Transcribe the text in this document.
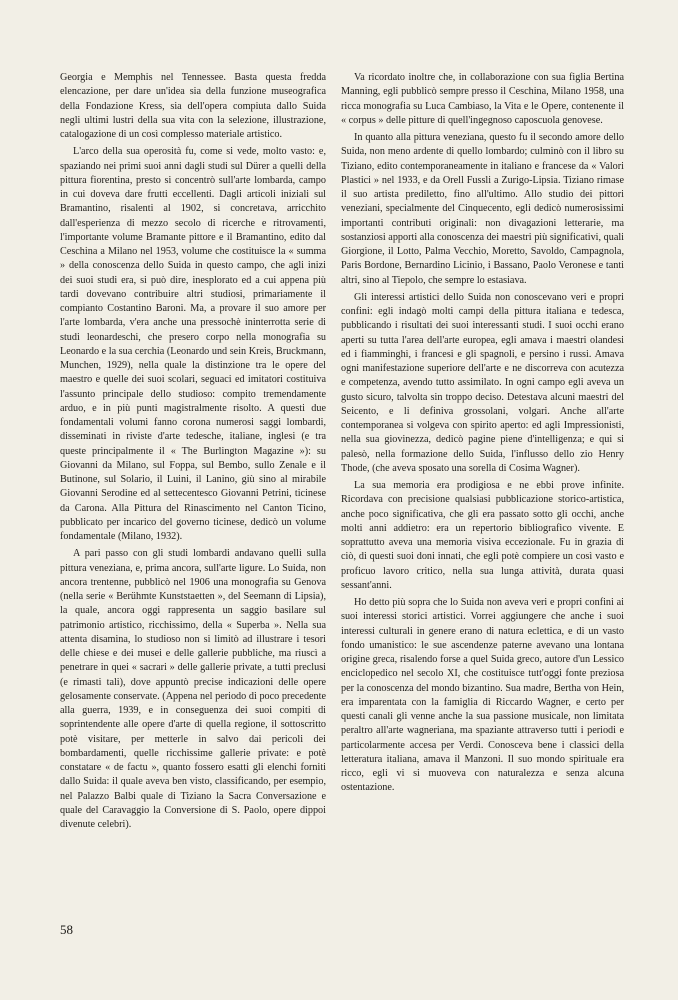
Georgia e Memphis nel Tennessee. Basta questa fredda elencazione, per dare un'idea sia della funzione museografica della Fondazione Kress, sia dell'opera compiuta dallo Suida negli ultimi lustri della sua vita con la selezione, illustrazione, catalogazione di un così complesso materiale artistico.

L'arco della sua operosità fu, come si vede, molto vasto: e, spaziando nei primi suoi anni dagli studi sul Dürer a quelli della pittura fiorentina, presto si concentrò sull'arte lombarda, campo in cui doveva dare frutti eccellenti. Dagli articoli iniziali sul Bramantino, risalenti al 1902, si concretava, arricchito dall'esperienza di mezzo secolo di ricerche e ritrovamenti, l'importante volume Bramante pittore e il Bramantino, edito dal Ceschina a Milano nel 1953, volume che costituisce la « summa » della conoscenza dello Suida in questo campo, che agli inizi dei suoi studi era, si può dire, inesplorato ed a cui appena più tardi dovevano contribuire altri studiosi, primariamente il compianto Costantino Baroni. Ma, a provare il suo amore per l'arte lombarda, v'era anche una pressochè ininterrotta serie di studi leonardeschi, che presero corpo nella monografia su Leonardo e la sua cerchia (Leonardo und sein Kreis, Bruckmann, Munchen, 1929), nella quale la distinzione tra le opere del maestro e quelle dei suoi scolari, seguaci ed imitatori costituiva l'assunto principale dello studioso: compito tremendamente arduo, e in più punti magistralmente risolto. A questi due fondamentali volumi fanno corona numerosi saggi lombardi, disseminati in riviste d'arte tedesche, italiane, inglesi (e tra queste principalmente il « The Burlington Magazine »): su Giovanni da Milano, sul Foppa, sul Bembo, sullo Zenale e il Butinone, sul Solario, il Luini, il Lanino, giù sino al mirabile Giovanni Serodine ed al settecentesco Giovanni Petrini, ticinese da Carona. Alla Pittura del Rinascimento nel Canton Ticino, pubblicato per incarico del governo ticinese, dedicò un volume fondamentale (Milano, 1932).

A pari passo con gli studi lombardi andavano quelli sulla pittura veneziana, e, prima ancora, sull'arte ligure. Lo Suida, non ancora trentenne, pubblicò nel 1906 una monografia su Genova (nella serie « Berühmte Kunststaetten », del Seemann di Lipsia), la quale, ancora oggi rappresenta un saggio basilare sul patrimonio artistico, ricchissimo, della « Superba ». Nella sua attenta disamina, lo studioso non si limitò ad illustrare i tesori delle chiese e dei musei e delle gallerie pubbliche, ma riuscì a penetrare in quei « sacrari » delle gallerie private, a tutti preclusi (e rimasti tali), dove appuntò precise indicazioni delle opere gelosamente conservate. (Appena nel periodo di poco precedente alla guerra, 1939, e in conseguenza dei suoi compiti di soprintendente alle opere d'arte di quella regione, il sottoscritto potè visitare, per metterle in salvo dai pericoli dei bombardamenti, quelle ricchissime gallerie private: e potè constatare « de factu », quanto fossero esatti gli elenchi forniti dallo Suida: il quale aveva ben visto, classificando, per esempio, nel Palazzo Balbi quale di Tiziano la Sacra Conversazione e quale del Caravaggio la Conversione di S. Paolo, opere dippoi divenute celebri).

Va ricordato inoltre che, in collaborazione con sua figlia Bertina Manning, egli pubblicò sempre presso il Ceschina, Milano 1958, una ricca monografia su Luca Cambiaso, la Vita e le Opere, contenente il « corpus » delle pitture di quell'ingegnoso caposcuola genovese.

In quanto alla pittura veneziana, questo fu il secondo amore dello Suida, non meno ardente di quello lombardo; culminò con il libro su Tiziano, edito contemporaneamente in italiano e francese da « Valori Plastici » nel 1933, e da Orell Fussli a Zurigo-Lipsia. Tiziano rimase il suo artista prediletto, fino all'ultimo. Allo studio dei pittori veneziani, specialmente del Cinquecento, egli dedicò numerosissimi importanti contributi originali: non divagazioni letterarie, ma sostanziosi apporti alla conoscenza dei maestri più significativi, quali Giorgione, il Lotto, Palma Vecchio, Moretto, Savoldo, Campagnola, Paris Bordone, Bernardino Licinio, i Bassano, Paolo Veronese e tanti altri, sino al Tiepolo, che sempre lo estasiava.

Gli interessi artistici dello Suida non conoscevano veri e propri confini: egli indagò molti campi della pittura italiana e tedesca, pubblicando i risultati dei suoi interessanti studi. I suoi occhi erano aperti su tutta l'area dell'arte europea, egli amava i maestri olandesi ed i fiamminghi, i francesi e gli spagnoli, e persino i russi. Amava ogni manifestazione superiore dell'arte e ne discorreva con acutezza e competenza, avendo tutto assimilato. In ogni campo egli aveva un gusto sicuro, talvolta sin troppo deciso. Detestava alcuni maestri del Seicento, e li definiva grossolani, volgari. Anche all'arte contemporanea si volgeva con spirito aperto: ed agli Impressionisti, nella sua giovinezza, dedicò pagine piene d'intelligenza; e qui si palesò, nella formazione dello Suida, l'influsso dello zio Henry Thode, (che aveva sposato una sorella di Cosima Wagner).

La sua memoria era prodigiosa e ne ebbi prove infinite. Ricordava con precisione qualsiasi pubblicazione storico-artistica, anche poco significativa, che gli era passato sotto gli occhi, anche molti anni addietro: era un repertorio bibliografico vivente. E soprattutto aveva una memoria visiva eccezionale. Fu in grazia di ciò, di questi suoi doni innati, che egli potè compiere un così vasto e proficuo lavoro critico, nella sua lunga attività, durata quasi sessant'anni.

Ho detto più sopra che lo Suida non aveva veri e propri confini ai suoi interessi storici artistici. Vorrei aggiungere che anche i suoi interessi culturali in genere erano di natura eclettica, e di un vasto fondo umanistico: le sue ascendenze paterne avevano una lontana origine greca, risalendo forse a quel Suida greco, autore d'un Lessico enciclopedico nel secolo XI, che costituisce tutt'oggi fonte preziosa per la conoscenza del mondo bizantino. Sua madre, Bertha von Hein, era imparentata con la famiglia di Riccardo Wagner, e certo per questi canali gli venne anche la sua passione musicale, non limitata peraltro all'arte wagneriana, ma spaziante attraverso tutti i periodi e particolarmente accesa per Verdi. Conosceva bene i classici della letteratura italiana, amava il Manzoni. Il suo mondo spirituale era ricco, egli vi si muoveva con naturalezza e senza alcuna ostentazione.

58
